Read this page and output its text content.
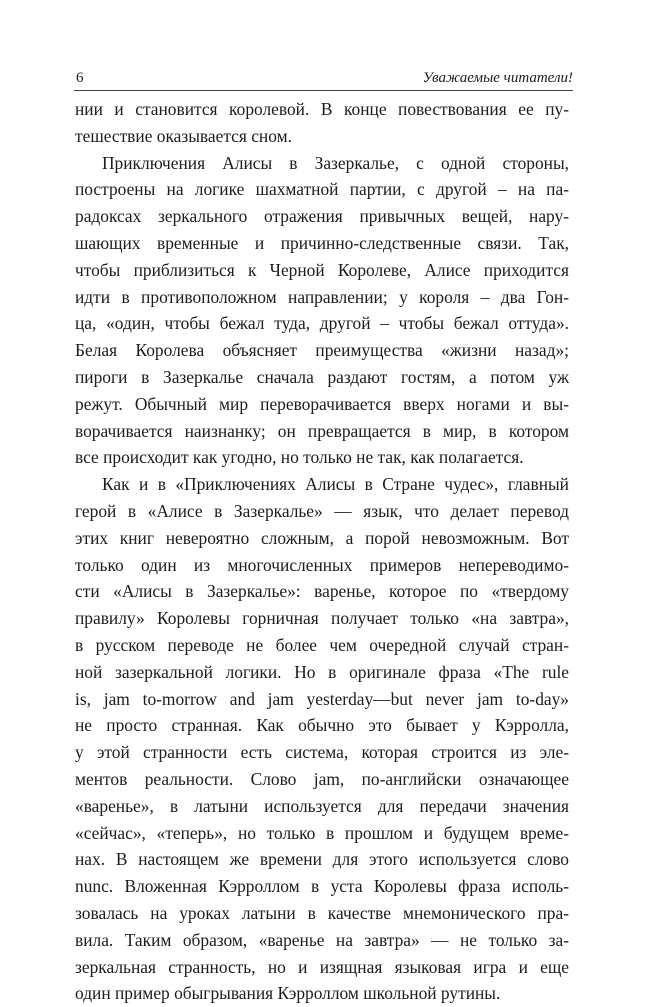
6	Уважаемые читатели!
нии и становится королевой. В конце повествования ее пу-
тешествие оказывается сном.
Приключения Алисы в Зазеркалье, с одной стороны,
построены на логике шахматной партии, с другой – на па-
радоксах зеркального отражения привычных вещей, нару-
шающих временные и причинно-следственные связи. Так,
чтобы приблизиться к Черной Королеве, Алисе приходится
идти в противоположном направлении; у короля – два Гон-
ца, «один, чтобы бежал туда, другой – чтобы бежал оттуда».
Белая Королева объясняет преимущества «жизни назад»;
пироги в Зазеркалье сначала раздают гостям, а потом уж
режут. Обычный мир переворачивается вверх ногами и вы-
ворачивается наизнанку; он превращается в мир, в котором
все происходит как угодно, но только не так, как полагается.
Как и в «Приключениях Алисы в Стране чудес», главный
герой в «Алисе в Зазеркалье» — язык, что делает перевод
этих книг невероятно сложным, а порой невозможным. Вот
только один из многочисленных примеров непереводимо-
сти «Алисы в Зазеркалье»: варенье, которое по «твердому
правилу» Королевы горничная получает только «на завтра»,
в русском переводе не более чем очередной случай стран-
ной зазеркальной логики. Но в оригинале фраза «The rule
is, jam to-morrow and jam yesterday—but never jam to-day»
не просто странная. Как обычно это бывает у Кэрролла,
у этой странности есть система, которая строится из эле-
ментов реальности. Слово jam, по-английски означающее
«варенье», в латыни используется для передачи значения
«сейчас», «теперь», но только в прошлом и будущем време-
нах. В настоящем же времени для этого используется слово
nunc. Вложенная Кэрроллом в уста Королевы фраза исполь-
зовалась на уроках латыни в качестве мнемонического пра-
вила. Таким образом, «варенье на завтра» — не только за-
зеркальная странность, но и изящная языковая игра и еще
один пример обыгрывания Кэрроллом школьной рутины.
